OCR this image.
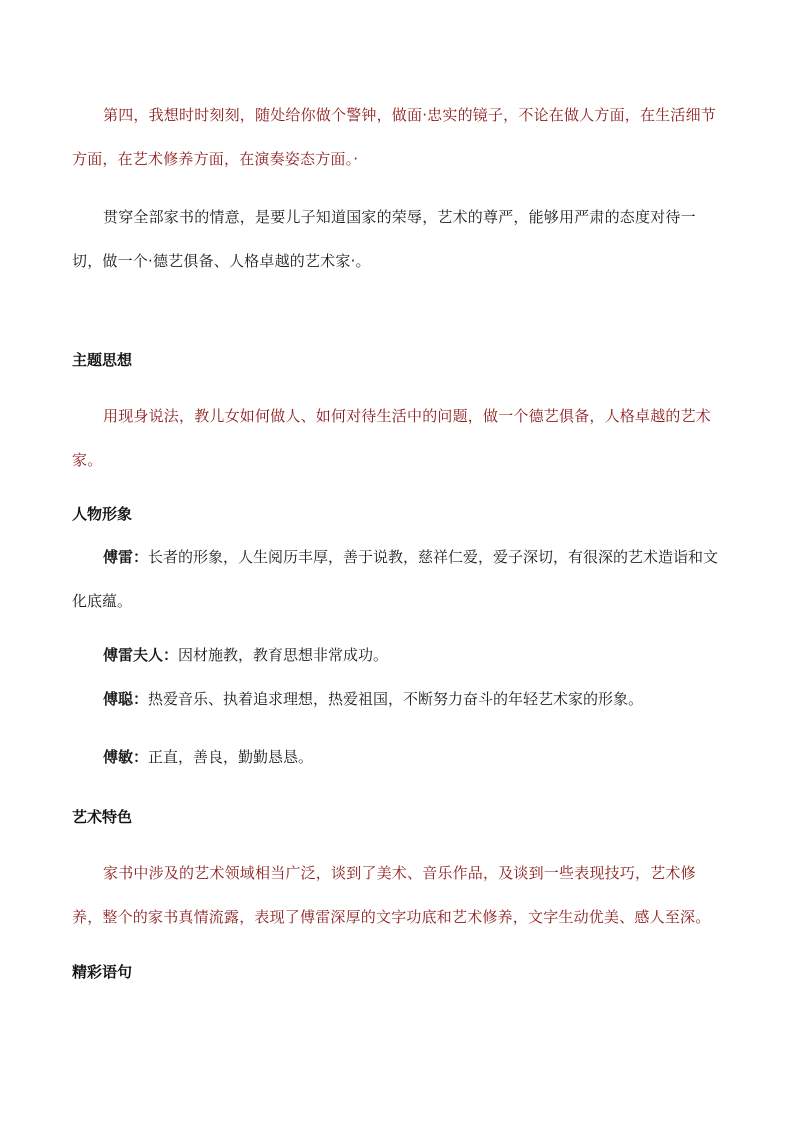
第四，我想时时刻刻，随处给你做个警钟，做面·忠实的镜子，不论在做人方面，在生活细节方面，在艺术修养方面，在演奏姿态方面。·

贯穿全部家书的情意，是要儿子知道国家的荣辱，艺术的尊严，能够用严肃的态度对待一切，做一个·德艺俱备、人格卓越的艺术家·。

主题思想

用现身说法，教儿女如何做人、如何对待生活中的问题，做一个德艺俱备，人格卓越的艺术家。

人物形象

傅雷：长者的形象，人生阅历丰厚，善于说教，慈祥仁爱，爱子深切，有很深的艺术造诣和文化底蕴。

傅雷夫人：因材施教，教育思想非常成功。

傅聪：热爱音乐、执着追求理想，热爱祖国，不断努力奋斗的年轻艺术家的形象。

傅敏：正直，善良，勤勤恳恳。

艺术特色

家书中涉及的艺术领域相当广泛，谈到了美术、音乐作品，及谈到一些表现技巧，艺术修养，整个的家书真情流露，表现了傅雷深厚的文字功底和艺术修养，文字生动优美、感人至深。

精彩语句
